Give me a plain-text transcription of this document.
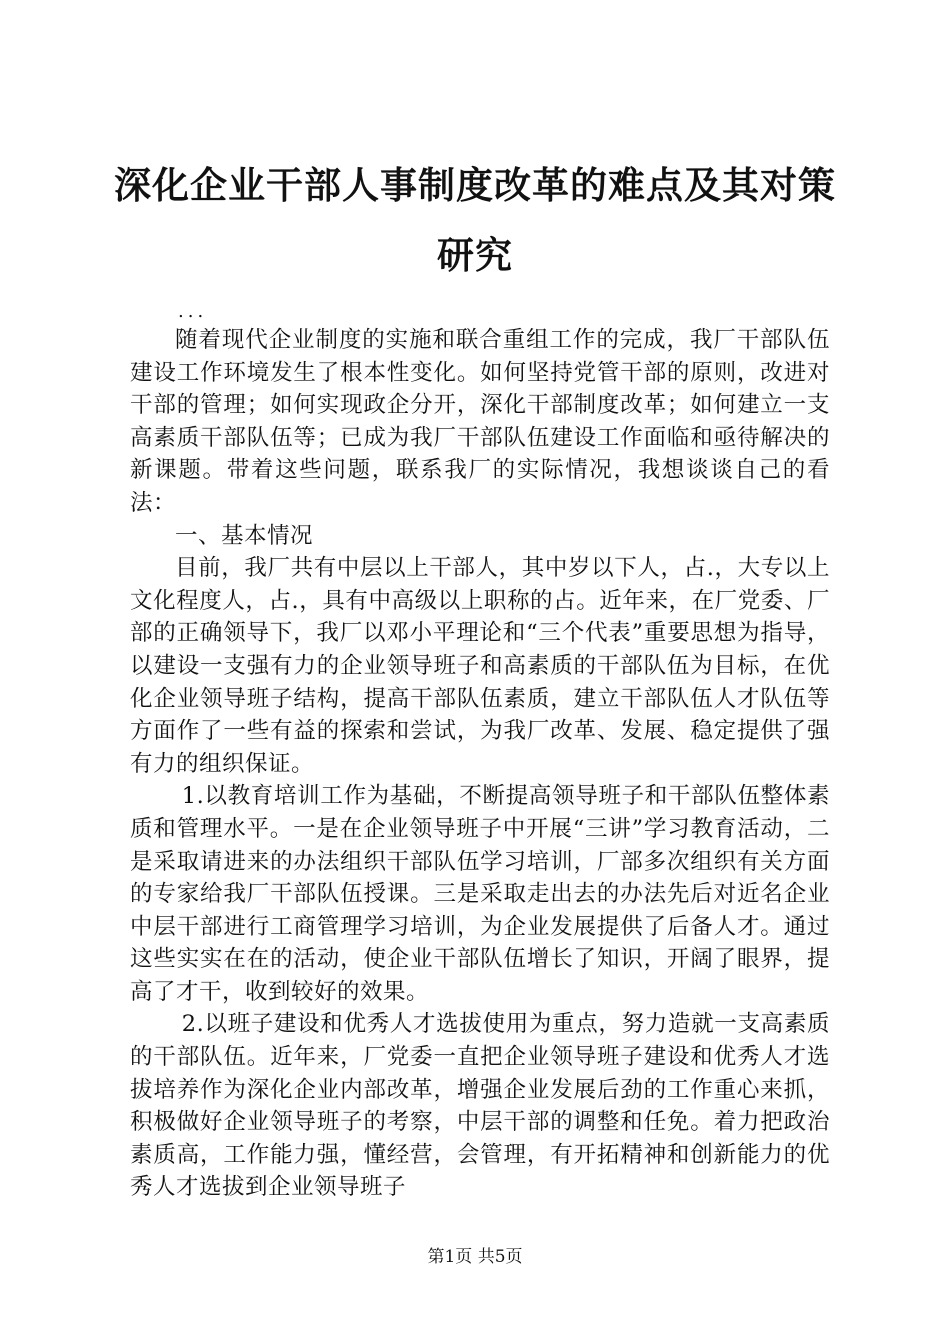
深化企业干部人事制度改革的难点及其对策研究
...

随着现代企业制度的实施和联合重组工作的完成，我厂干部队伍建设工作环境发生了根本性变化。如何坚持党管干部的原则，改进对干部的管理；如何实现政企分开，深化干部制度改革；如何建立一支高素质干部队伍等；已成为我厂干部队伍建设工作面临和亟待解决的新课题。带着这些问题，联系我厂的实际情况，我想谈谈自己的看法：

一、基本情况

目前，我厂共有中层以上干部人，其中岁以下人，占.，大专以上文化程度人，占.，具有中高级以上职称的占。近年来，在厂党委、厂部的正确领导下，我厂以邓小平理论和“三个代表”重要思想为指导，以建设一支强有力的企业领导班子和高素质的干部队伍为目标，在优化企业领导班子结构，提高干部队伍素质，建立干部队伍人才队伍等方面作了一些有益的探索和尝试，为我厂改革、发展、稳定提供了强有力的组织保证。

1.以教育培训工作为基础，不断提高领导班子和干部队伍整体素质和管理水平。一是在企业领导班子中开展“三讲”学习教育活动，二是采取请进来的办法组织干部队伍学习培训，厂部多次组织有关方面的专家给我厂干部队伍授课。三是采取走出去的办法先后对近名企业中层干部进行工商管理学习培训，为企业发展提供了后备人才。通过这些实实在在的活动，使企业干部队伍增长了知识，开阔了眼界，提高了才干，收到较好的效果。

2.以班子建设和优秀人才选拔使用为重点，努力造就一支高素质的干部队伍。近年来，厂党委一直把企业领导班子建设和优秀人才选拔培养作为深化企业内部改革，增强企业发展后劲的工作重心来抓，积极做好企业领导班子的考察，中层干部的调整和任免。着力把政治素质高，工作能力强，懂经营，会管理，有开拓精神和创新能力的优秀人才选拔到企业领导班子

第1页 共5页
